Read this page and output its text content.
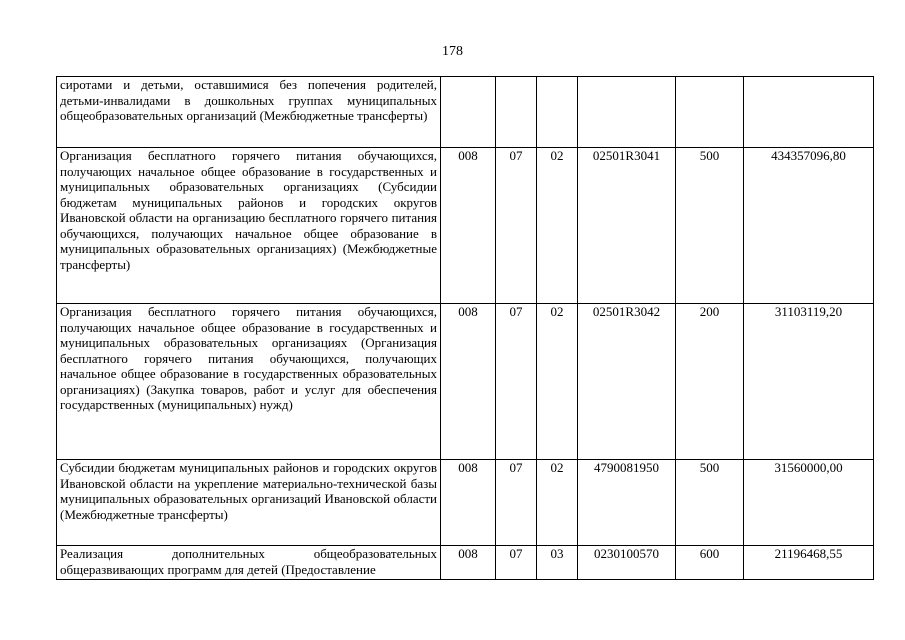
178
сиротами и детьми, оставшимися без попечения родителей, детьми-инвалидами в дошкольных группах муниципальных общеобразовательных организаций (Межбюджетные трансферты)						
Организация бесплатного горячего питания обучающихся, получающих начальное общее образование в государственных и муниципальных образовательных организациях (Субсидии бюджетам муниципальных районов и городских округов Ивановской области на организацию бесплатного горячего питания обучающихся, получающих начальное общее образование в муниципальных образовательных организациях) (Межбюджетные трансферты)	008	07	02	02501R3041	500	434357096,80
Организация бесплатного горячего питания обучающихся, получающих начальное общее образование в государственных и муниципальных образовательных организациях (Организация бесплатного горячего питания обучающихся, получающих начальное общее образование в государственных образовательных организациях) (Закупка товаров, работ и услуг для обеспечения государственных (муниципальных) нужд)	008	07	02	02501R3042	200	31103119,20
Субсидии бюджетам муниципальных районов и городских округов Ивановской области на укрепление материально-технической базы муниципальных образовательных организаций Ивановской области (Межбюджетные трансферты)	008	07	02	4790081950	500	31560000,00
Реализация дополнительных общеобразовательных общеразвивающих программ для детей (Предоставление	008	07	03	0230100570	600	21196468,55
